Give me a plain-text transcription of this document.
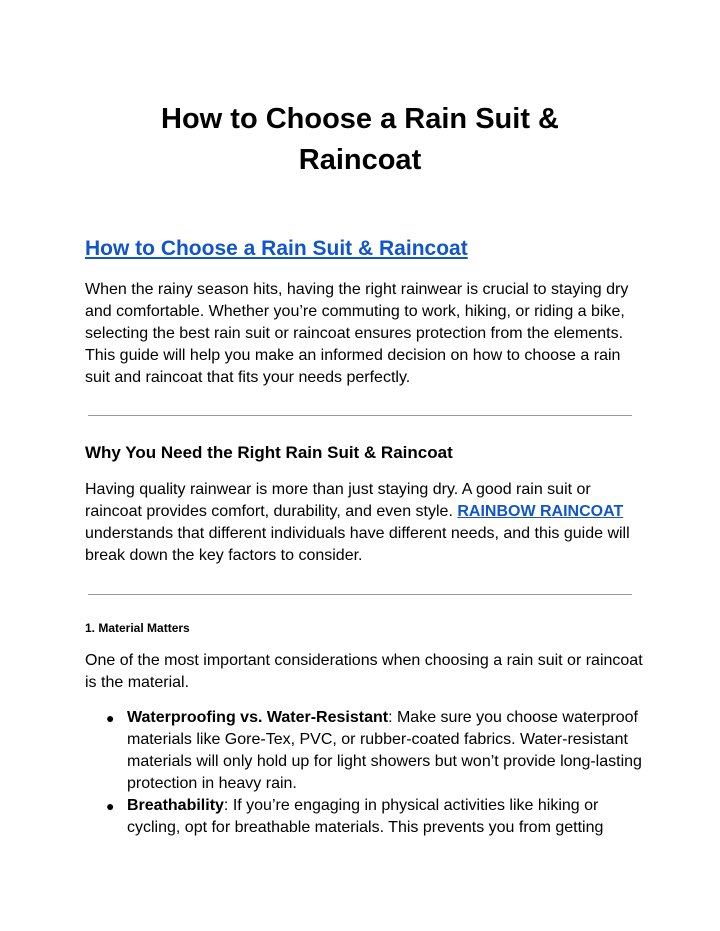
How to Choose a Rain Suit &
Raincoat
How to Choose a Rain Suit & Raincoat

When the rainy season hits, having the right rainwear is crucial to staying dry and comfortable. Whether you’re commuting to work, hiking, or riding a bike, selecting the best rain suit or raincoat ensures protection from the elements. This guide will help you make an informed decision on how to choose a rain suit and raincoat that fits your needs perfectly.

Why You Need the Right Rain Suit & Raincoat

Having quality rainwear is more than just staying dry. A good rain suit or raincoat provides comfort, durability, and even style. RAINBOW RAINCOAT understands that different individuals have different needs, and this guide will break down the key factors to consider.

1. Material Matters

One of the most important considerations when choosing a rain suit or raincoat is the material.

● Waterproofing vs. Water-Resistant: Make sure you choose waterproof materials like Gore-Tex, PVC, or rubber-coated fabrics. Water-resistant materials will only hold up for light showers but won’t provide long-lasting protection in heavy rain.
● Breathability: If you’re engaging in physical activities like hiking or cycling, opt for breathable materials. This prevents you from getting
